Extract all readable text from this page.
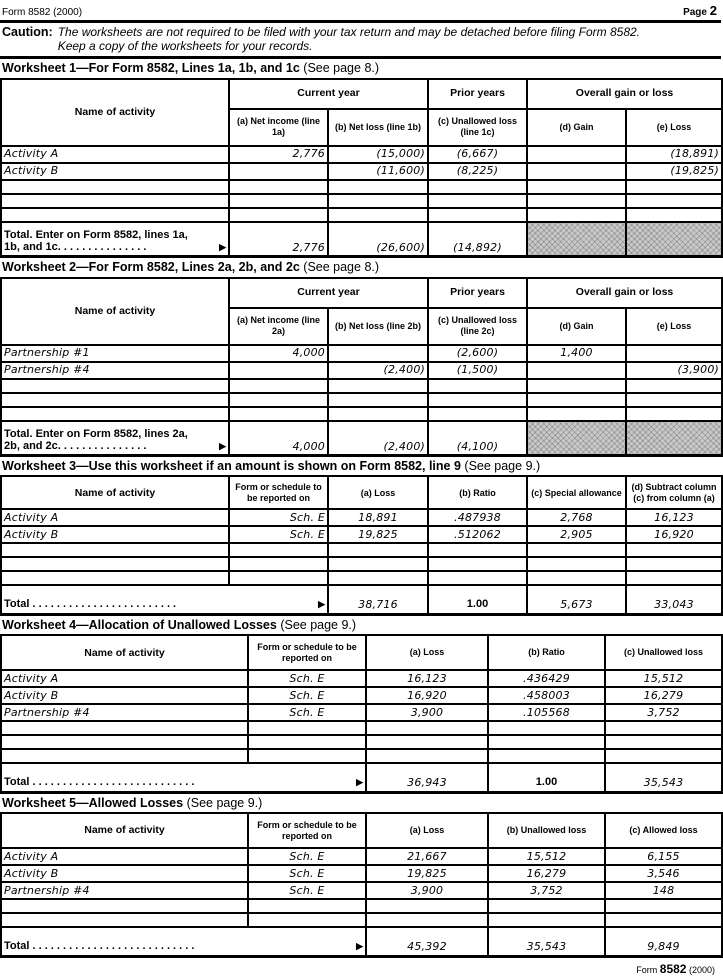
Form 8582 (2000)	Page 2
Caution: The worksheets are not required to be filed with your tax return and may be detached before filing Form 8582. Keep a copy of the worksheets for your records.
Worksheet 1—For Form 8582, Lines 1a, 1b, and 1c (See page 8.)
Name of activity	Current year		Prior years	Overall gain or loss	
	(a) Net income (line 1a)	(b) Net loss (line 1b)	(c) Unallowed loss (line 1c)	(d) Gain	(e) Loss
Activity A	2,776	(15,000)	(6,667)		(18,891)
Activity B		(11,600)	(8,225)		(19,825)

Total. Enter on Form 8582, lines 1a,
1b, and 1c. . . . . . . . . . . . . . . ▶	2,776	(26,600)	(14,892)		
Worksheet 2—For Form 8582, Lines 2a, 2b, and 2c (See page 8.)
Name of activity	Current year		Prior years	Overall gain or loss	
	(a) Net income (line 2a)	(b) Net loss (line 2b)	(c) Unallowed loss (line 2c)	(d) Gain	(e) Loss
Partnership #1	4,000		(2,600)	1,400	
Partnership #4		(2,400)	(1,500)		(3,900)

Total. Enter on Form 8582, lines 2a,
2b, and 2c. . . . . . . . . . . . . . . ▶	4,000	(2,400)	(4,100)		
Worksheet 3—Use this worksheet if an amount is shown on Form 8582, line 9 (See page 9.)
Name of activity	Form or schedule to be reported on	(a) Loss	(b) Ratio	(c) Special allowance	(d) Subtract column (c) from column (a)
Activity A	Sch. E	18,891	.487938	2,768	16,123
Activity B	Sch. E	19,825	.512062	2,905	16,920

Total . . . . . . . . . . . . . . . . . . . . . . . . ▶		38,716	1.00	5,673	33,043
Worksheet 4—Allocation of Unallowed Losses (See page 9.)
Name of activity	Form or schedule to be reported on	(a) Loss	(b) Ratio	(c) Unallowed loss
Activity A	Sch. E	16,123	.436429	15,512
Activity B	Sch. E	16,920	.458003	16,279
Partnership #4	Sch. E	3,900	.105568	3,752

Total . . . . . . . . . . . . . . . . . . . . . . . . . . . ▶		36,943	1.00	35,543
Worksheet 5—Allowed Losses (See page 9.)
Name of activity	Form or schedule to be reported on	(a) Loss	(b) Unallowed loss	(c) Allowed loss
Activity A	Sch. E	21,667	15,512	6,155
Activity B	Sch. E	19,825	16,279	3,546
Partnership #4	Sch. E	3,900	3,752	148

Total . . . . . . . . . . . . . . . . . . . . . . . . . . . ▶		45,392	35,543	9,849
Form 8582 (2000)
